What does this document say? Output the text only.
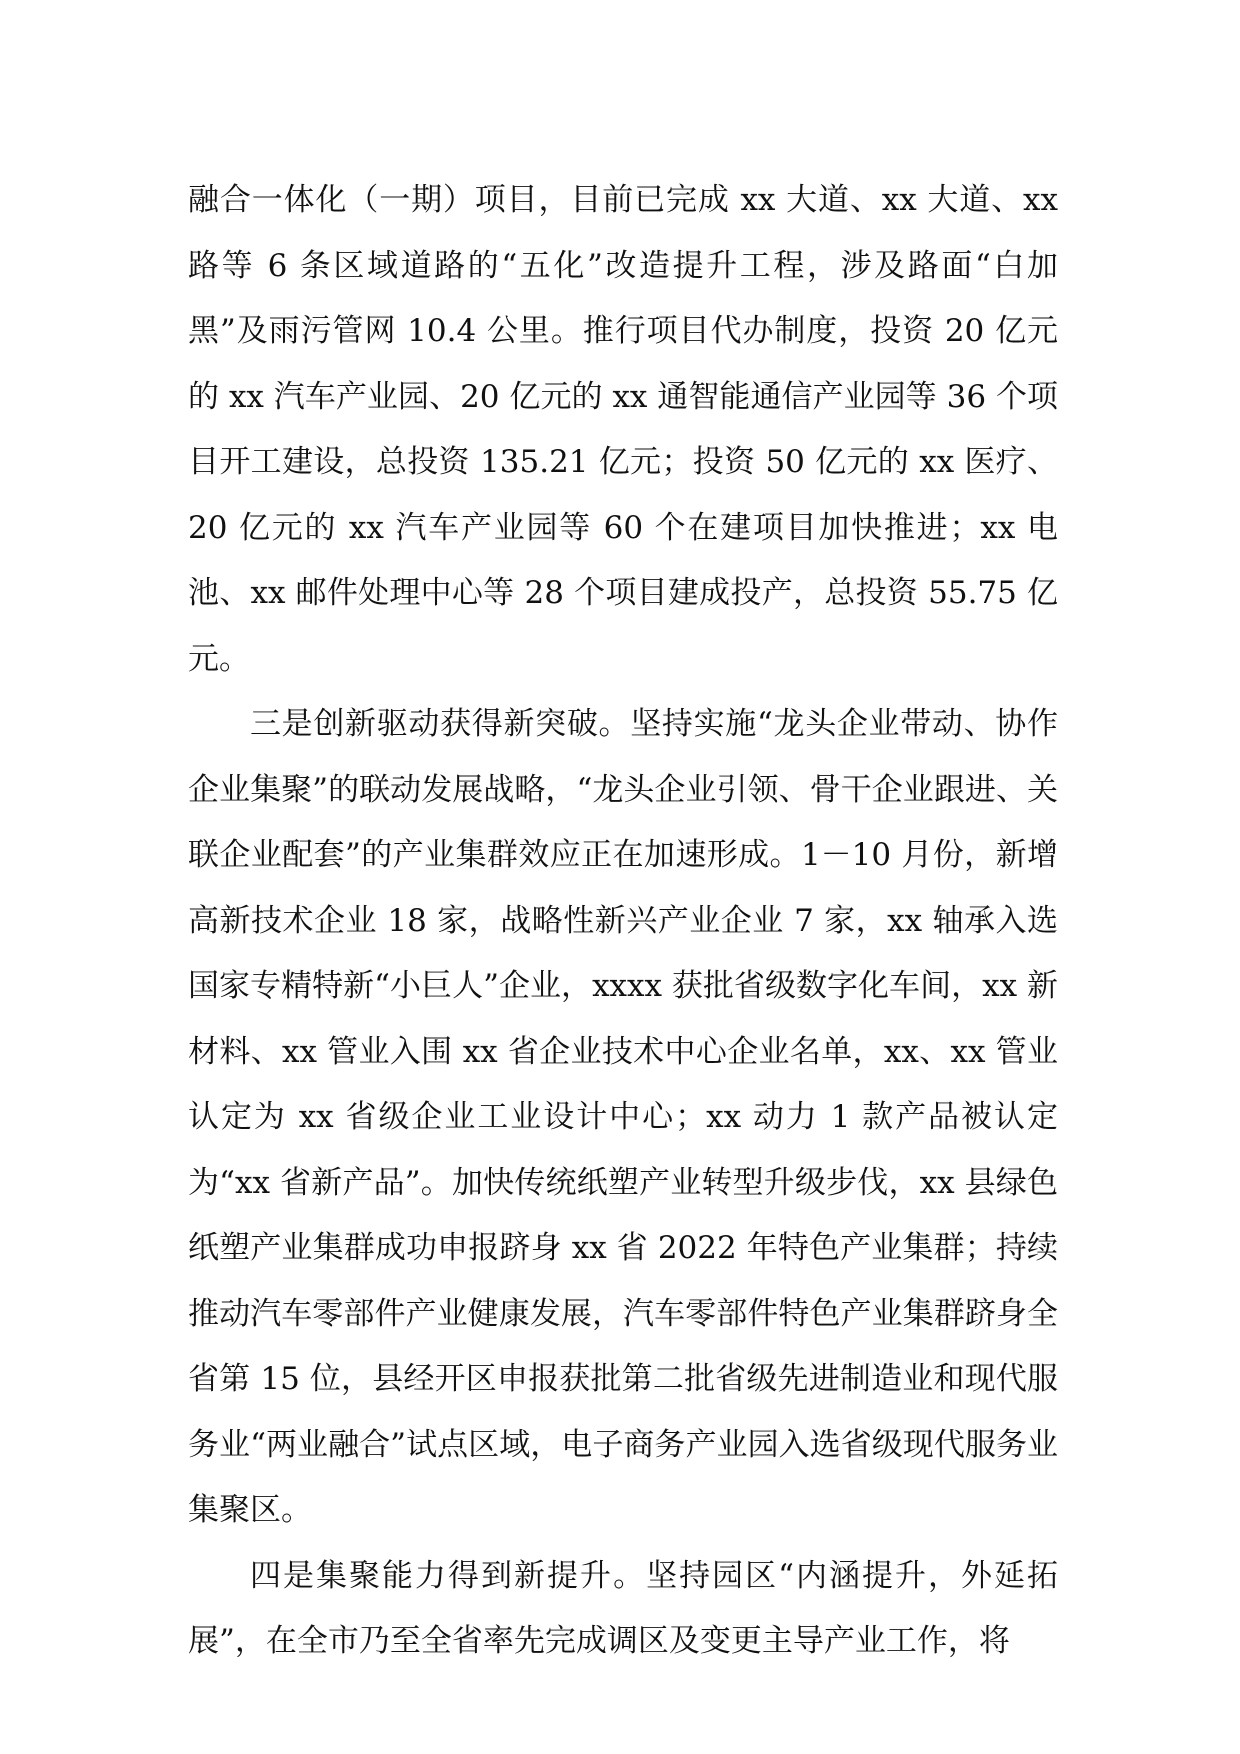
融合一体化（一期）项目，目前已完成 xx 大道、xx 大道、xx 路等 6 条区域道路的“五化”改造提升工程，涉及路面“白加黑”及雨污管网 10.4 公里。推行项目代办制度，投资 20 亿元的 xx 汽车产业园、20 亿元的 xx 通智能通信产业园等 36 个项目开工建设，总投资 135.21 亿元；投资 50 亿元的 xx 医疗、20 亿元的 xx 汽车产业园等 60 个在建项目加快推进；xx 电池、xx 邮件处理中心等 28 个项目建成投产，总投资 55.75 亿元。

三是创新驱动获得新突破。坚持实施“龙头企业带动、协作企业集聚”的联动发展战略，“龙头企业引领、骨干企业跟进、关联企业配套”的产业集群效应正在加速形成。1－10 月份，新增高新技术企业 18 家，战略性新兴产业企业 7 家，xx 轴承入选国家专精特新“小巨人”企业，xxxx 获批省级数字化车间，xx 新材料、xx 管业入围 xx 省企业技术中心企业名单，xx、xx 管业认定为 xx 省级企业工业设计中心；xx 动力 1 款产品被认定为“xx 省新产品”。加快传统纸塑产业转型升级步伐，xx 县绿色纸塑产业集群成功申报跻身 xx 省 2022 年特色产业集群；持续推动汽车零部件产业健康发展，汽车零部件特色产业集群跻身全省第 15 位，县经开区申报获批第二批省级先进制造业和现代服务业“两业融合”试点区域，电子商务产业园入选省级现代服务业集聚区。

四是集聚能力得到新提升。坚持园区“内涵提升，外延拓展”，在全市乃至全省率先完成调区及变更主导产业工作，将
